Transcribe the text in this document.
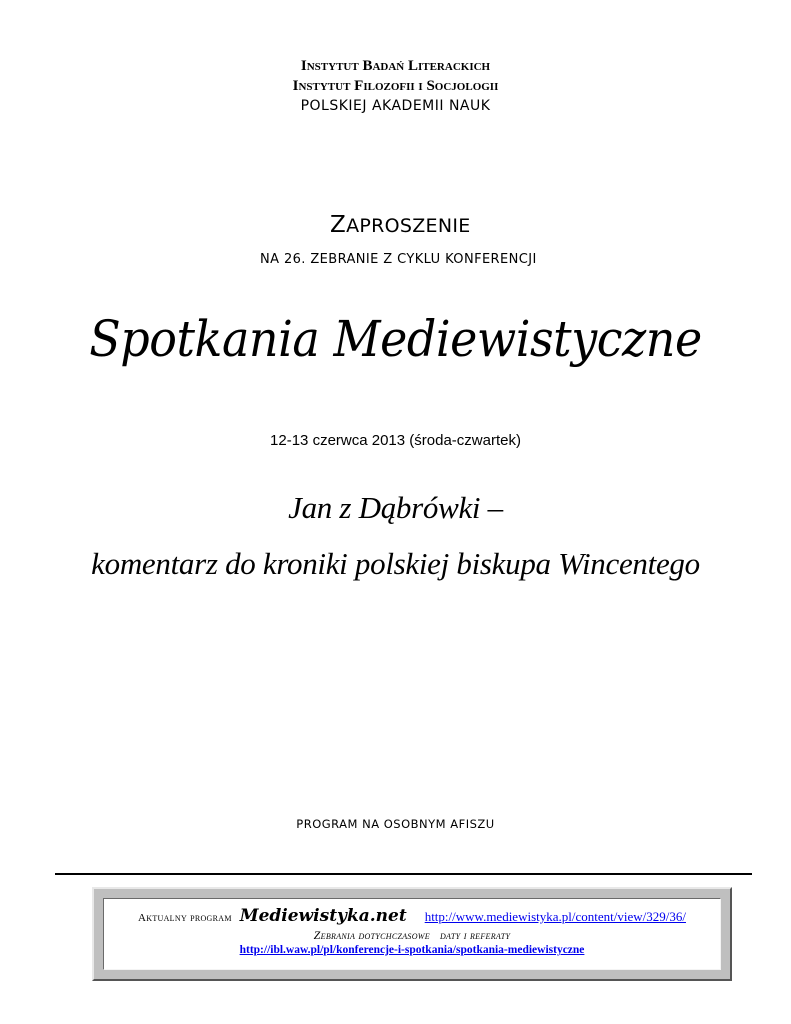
Instytut Badań Literackich
Instytut Filozofii i Socjologii
POLSKIEJ AKADEMII NAUK
ZAPROSZENIE
NA 26. ZEBRANIE Z CYKLU KONFERENCJI
Spotkania Mediewistyczne
12-13 czerwca 2013 (środa-czwartek)
Jan z Dąbrówki –
komentarz do kroniki polskiej biskupa Wincentego
PROGRAM NA OSOBNYM AFISZU
Aktualny program Mediewistyka.net http://www.mediewistyka.pl/content/view/329/36/
Zebrania dotychczasowe daty i referaty
http://ibl.waw.pl/pl/konferencje-i-spotkania/spotkania-mediewistyczne
